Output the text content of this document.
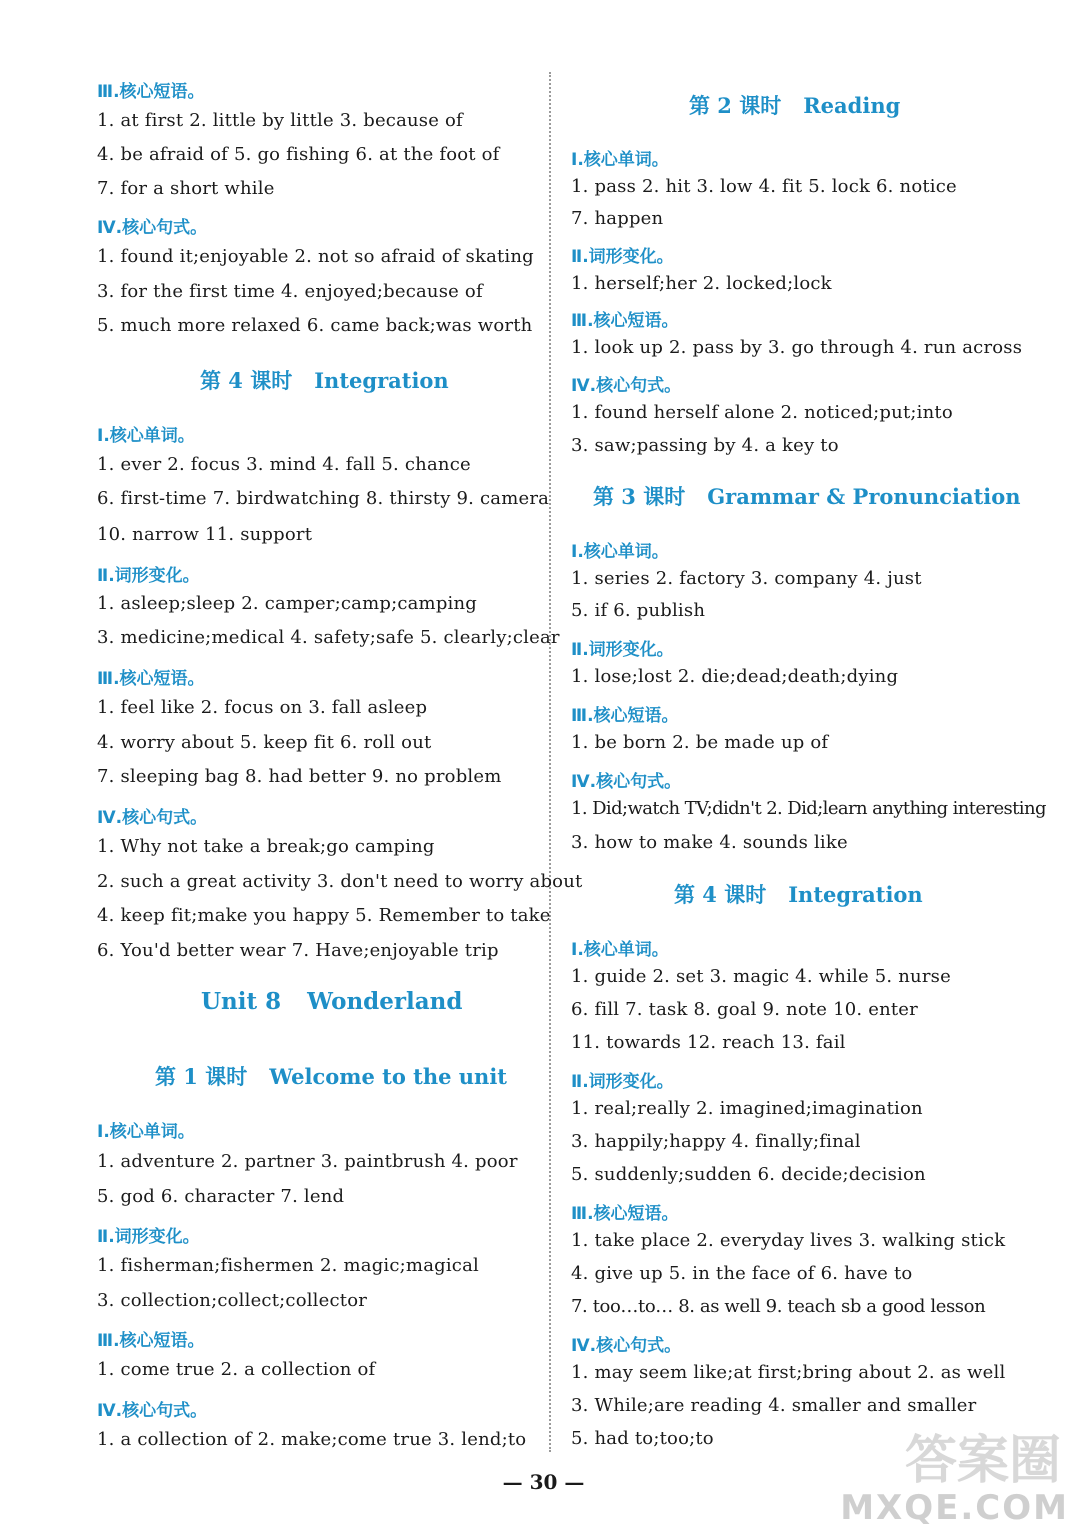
Ⅲ.核心短语。

1. at first 2. little by little 3. because of

4. be afraid of 5. go fishing 6. at the foot of

7. for a short while

Ⅳ.核心句式。

1. found it;enjoyable 2. not so afraid of skating

3. for the first time 4. enjoyed;because of

5. much more relaxed 6. came back;was worth

第 4 课时 Integration

Ⅰ.核心单词。

1. ever 2. focus 3. mind 4. fall 5. chance

6. first-time 7. birdwatching 8. thirsty 9. camera

10. narrow 11. support

Ⅱ.词形变化。

1. asleep;sleep 2. camper;camp;camping

3. medicine;medical 4. safety;safe 5. clearly;clear

Ⅲ.核心短语。

1. feel like 2. focus on 3. fall asleep

4. worry about 5. keep fit 6. roll out

7. sleeping bag 8. had better 9. no problem

Ⅳ.核心句式。

1. Why not take a break;go camping

2. such a great activity 3. don't need to worry about

4. keep fit;make you happy 5. Remember to take

6. You'd better wear 7. Have;enjoyable trip

Unit 8 Wonderland

第 1 课时 Welcome to the unit

Ⅰ.核心单词。

1. adventure 2. partner 3. paintbrush 4. poor

5. god 6. character 7. lend

Ⅱ.词形变化。

1. fisherman;fishermen 2. magic;magical

3. collection;collect;collector

Ⅲ.核心短语。

1. come true 2. a collection of

Ⅳ.核心句式。

1. a collection of 2. make;come true 3. lend;to

第 2 课时 Reading

Ⅰ.核心单词。

1. pass 2. hit 3. low 4. fit 5. lock 6. notice

7. happen

Ⅱ.词形变化。

1. herself;her 2. locked;lock

Ⅲ.核心短语。

1. look up 2. pass by 3. go through 4. run across

Ⅳ.核心句式。

1. found herself alone 2. noticed;put;into

3. saw;passing by 4. a key to

第 3 课时 Grammar & Pronunciation

Ⅰ.核心单词。

1. series 2. factory 3. company 4. just

5. if 6. publish

Ⅱ.词形变化。

1. lose;lost 2. die;dead;death;dying

Ⅲ.核心短语。

1. be born 2. be made up of

Ⅳ.核心句式。

1. Did;watch TV;didn't 2. Did;learn anything interesting

3. how to make 4. sounds like

第 4 课时 Integration

Ⅰ.核心单词。

1. guide 2. set 3. magic 4. while 5. nurse

6. fill 7. task 8. goal 9. note 10. enter

11. towards 12. reach 13. fail

Ⅱ.词形变化。

1. real;really 2. imagined;imagination

3. happily;happy 4. finally;final

5. suddenly;sudden 6. decide;decision

Ⅲ.核心短语。

1. take place 2. everyday lives 3. walking stick

4. give up 5. in the face of 6. have to

7. too…to… 8. as well 9. teach sb a good lesson

Ⅳ.核心句式。

1. may seem like;at first;bring about 2. as well

3. While;are reading 4. smaller and smaller

5. had to;too;to

— 30 —	答案圈
MXQE.COM
